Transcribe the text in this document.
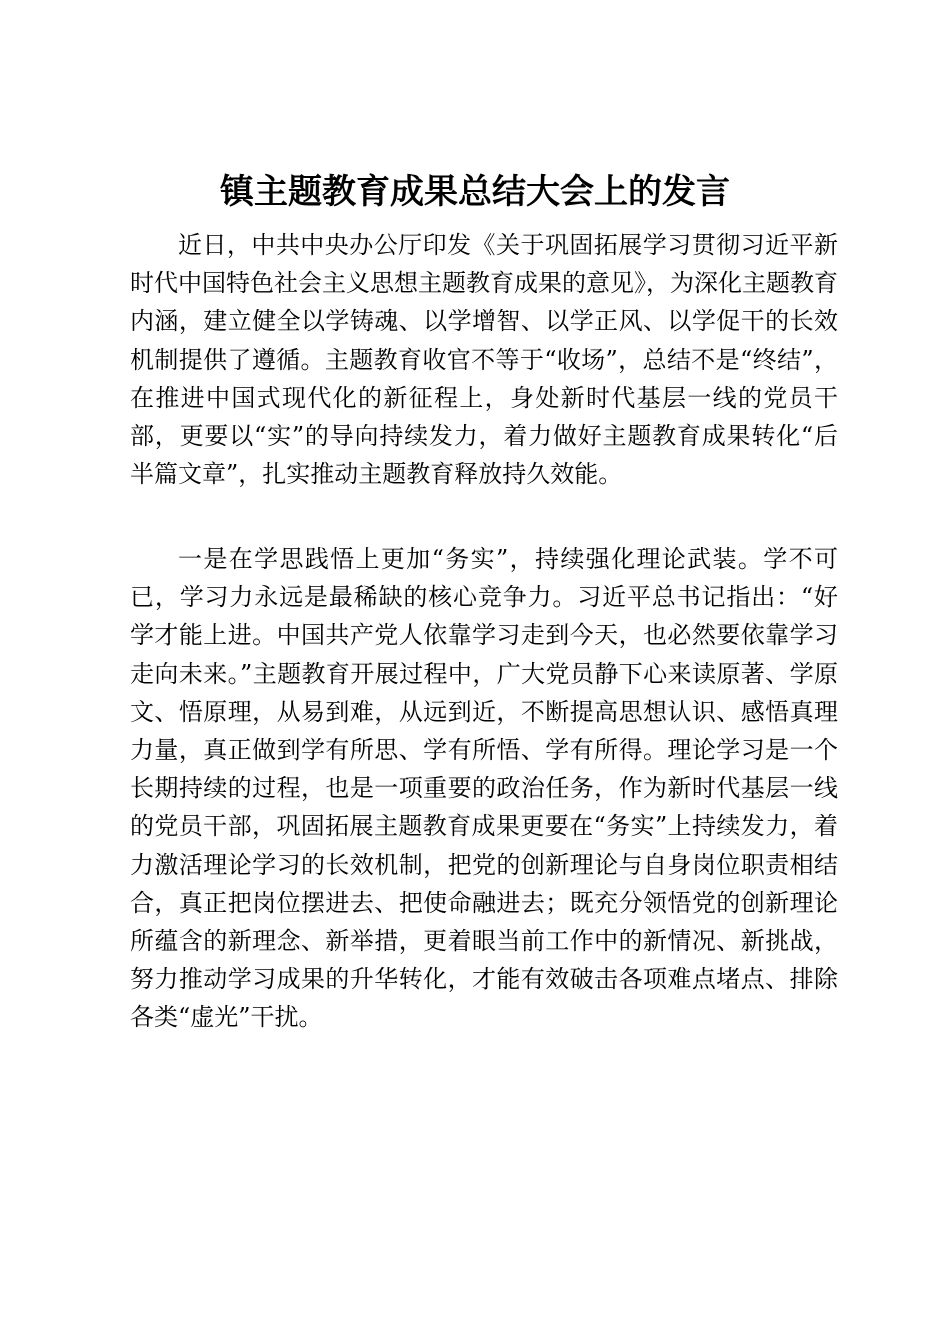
镇主题教育成果总结大会上的发言

近日，中共中央办公厅印发《关于巩固拓展学习贯彻习近平新时代中国特色社会主义思想主题教育成果的意见》，为深化主题教育内涵，建立健全以学铸魂、以学增智、以学正风、以学促干的长效机制提供了遵循。主题教育收官不等于“收场”，总结不是“终结”，在推进中国式现代化的新征程上，身处新时代基层一线的党员干部，更要以“实”的导向持续发力，着力做好主题教育成果转化“后半篇文章”，扎实推动主题教育释放持久效能。

一是在学思践悟上更加“务实”，持续强化理论武装。学不可已，学习力永远是最稀缺的核心竞争力。习近平总书记指出：“好学才能上进。中国共产党人依靠学习走到今天，也必然要依靠学习走向未来。”主题教育开展过程中，广大党员静下心来读原著、学原文、悟原理，从易到难，从远到近，不断提高思想认识、感悟真理力量，真正做到学有所思、学有所悟、学有所得。理论学习是一个长期持续的过程，也是一项重要的政治任务，作为新时代基层一线的党员干部，巩固拓展主题教育成果更要在“务实”上持续发力，着力激活理论学习的长效机制，把党的创新理论与自身岗位职责相结合，真正把岗位摆进去、把使命融进去；既充分领悟党的创新理论所蕴含的新理念、新举措，更着眼当前工作中的新情况、新挑战，努力推动学习成果的升华转化，才能有效破击各项难点堵点、排除各类“虚光”干扰。
